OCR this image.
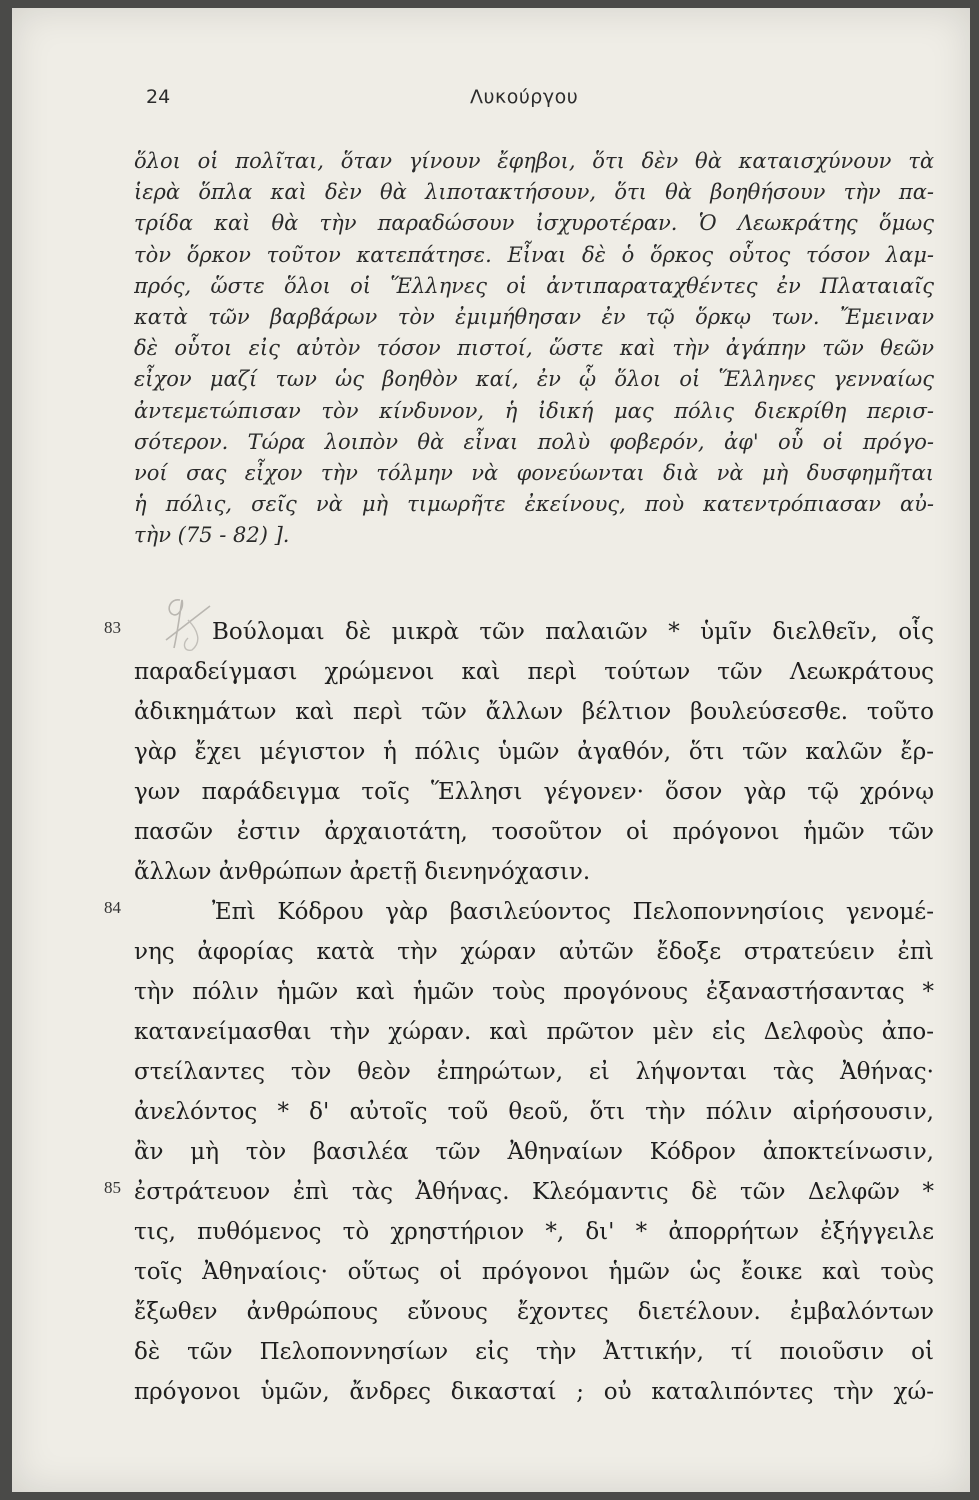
24	Λυκούργου
ὅλοι οἱ πολῖται, ὅταν γίνουν ἔφηβοι, ὅτι δὲν θὰ καταισχύνουν τὰ
ἱερὰ ὅπλα καὶ δὲν θὰ λιποτακτήσουν, ὅτι θὰ βοηθήσουν τὴν πα-
τρίδα καὶ θὰ τὴν παραδώσουν ἰσχυροτέραν. Ὁ Λεωκράτης ὅμως
τὸν ὅρκον τοῦτον κατεπάτησε. Εἶναι δὲ ὁ ὅρκος οὗτος τόσον λαμ-
πρός, ὥστε ὅλοι οἱ Ἕλληνες οἱ ἀντιπαραταχθέντες ἐν Πλαταιαῖς
κατὰ τῶν βαρβάρων τὸν ἐμιμήθησαν ἐν τῷ ὅρκῳ των. Ἔμειναν
δὲ οὗτοι εἰς αὐτὸν τόσον πιστοί, ὥστε καὶ τὴν ἀγάπην τῶν θεῶν
εἶχον μαζί των ὡς βοηθὸν καί, ἐν ᾧ ὅλοι οἱ Ἕλληνες γενναίως
ἀντεμετώπισαν τὸν κίνδυνον, ἡ ἰδική μας πόλις διεκρίθη περισ-
σότερον. Τώρα λοιπὸν θὰ εἶναι πολὺ φοβερόν, ἀφ' οὗ οἱ πρόγο-
νοί σας εἶχον τὴν τόλμην νὰ φονεύωνται διὰ νὰ μὴ δυσφημῆται
ἡ πόλις, σεῖς νὰ μὴ τιμωρῆτε ἐκείνους, ποὺ κατεντρόπιασαν αὐ-
τὴν (75 - 82) ].
83
84
85
Βούλομαι δὲ μικρὰ τῶν παλαιῶν * ὑμῖν διελθεῖν, οἷς
παραδείγμασι χρώμενοι καὶ περὶ τούτων τῶν Λεωκράτους
ἀδικημάτων καὶ περὶ τῶν ἄλλων βέλτιον βουλεύσεσθε. τοῦτο
γὰρ ἔχει μέγιστον ἡ πόλις ὑμῶν ἀγαθόν, ὅτι τῶν καλῶν ἔρ-
γων παράδειγμα τοῖς Ἕλλησι γέγονεν· ὅσον γὰρ τῷ χρόνῳ
πασῶν ἐστιν ἀρχαιοτάτη, τοσοῦτον οἱ πρόγονοι ἡμῶν τῶν
ἄλλων ἀνθρώπων ἀρετῇ διενηνόχασιν.
Ἐπὶ Κόδρου γὰρ βασιλεύοντος Πελοποννησίοις γενομέ-
νης ἀφορίας κατὰ τὴν χώραν αὐτῶν ἔδοξε στρατεύειν ἐπὶ
τὴν πόλιν ἡμῶν καὶ ἡμῶν τοὺς προγόνους ἐξαναστήσαντας *
κατανείμασθαι τὴν χώραν. καὶ πρῶτον μὲν εἰς Δελφοὺς ἀπο-
στείλαντες τὸν θεὸν ἐπηρώτων, εἰ λήψονται τὰς Ἀθήνας·
ἀνελόντος * δ' αὐτοῖς τοῦ θεοῦ, ὅτι τὴν πόλιν αἱρήσουσιν,
ἂν μὴ τὸν βασιλέα τῶν Ἀθηναίων Κόδρον ἀποκτείνωσιν,
ἐστράτευον ἐπὶ τὰς Ἀθήνας. Κλεόμαντις δὲ τῶν Δελφῶν *
τις, πυθόμενος τὸ χρηστήριον *, δι' * ἀπορρήτων ἐξήγγειλε
τοῖς Ἀθηναίοις· οὕτως οἱ πρόγονοι ἡμῶν ὡς ἔοικε καὶ τοὺς
ἔξωθεν ἀνθρώπους εὔνους ἔχοντες διετέλουν. ἐμβαλόντων
δὲ τῶν Πελοποννησίων εἰς τὴν Ἀττικήν, τί ποιοῦσιν οἱ
πρόγονοι ὑμῶν, ἄνδρες δικασταί ; οὐ καταλιπόντες τὴν χώ-
